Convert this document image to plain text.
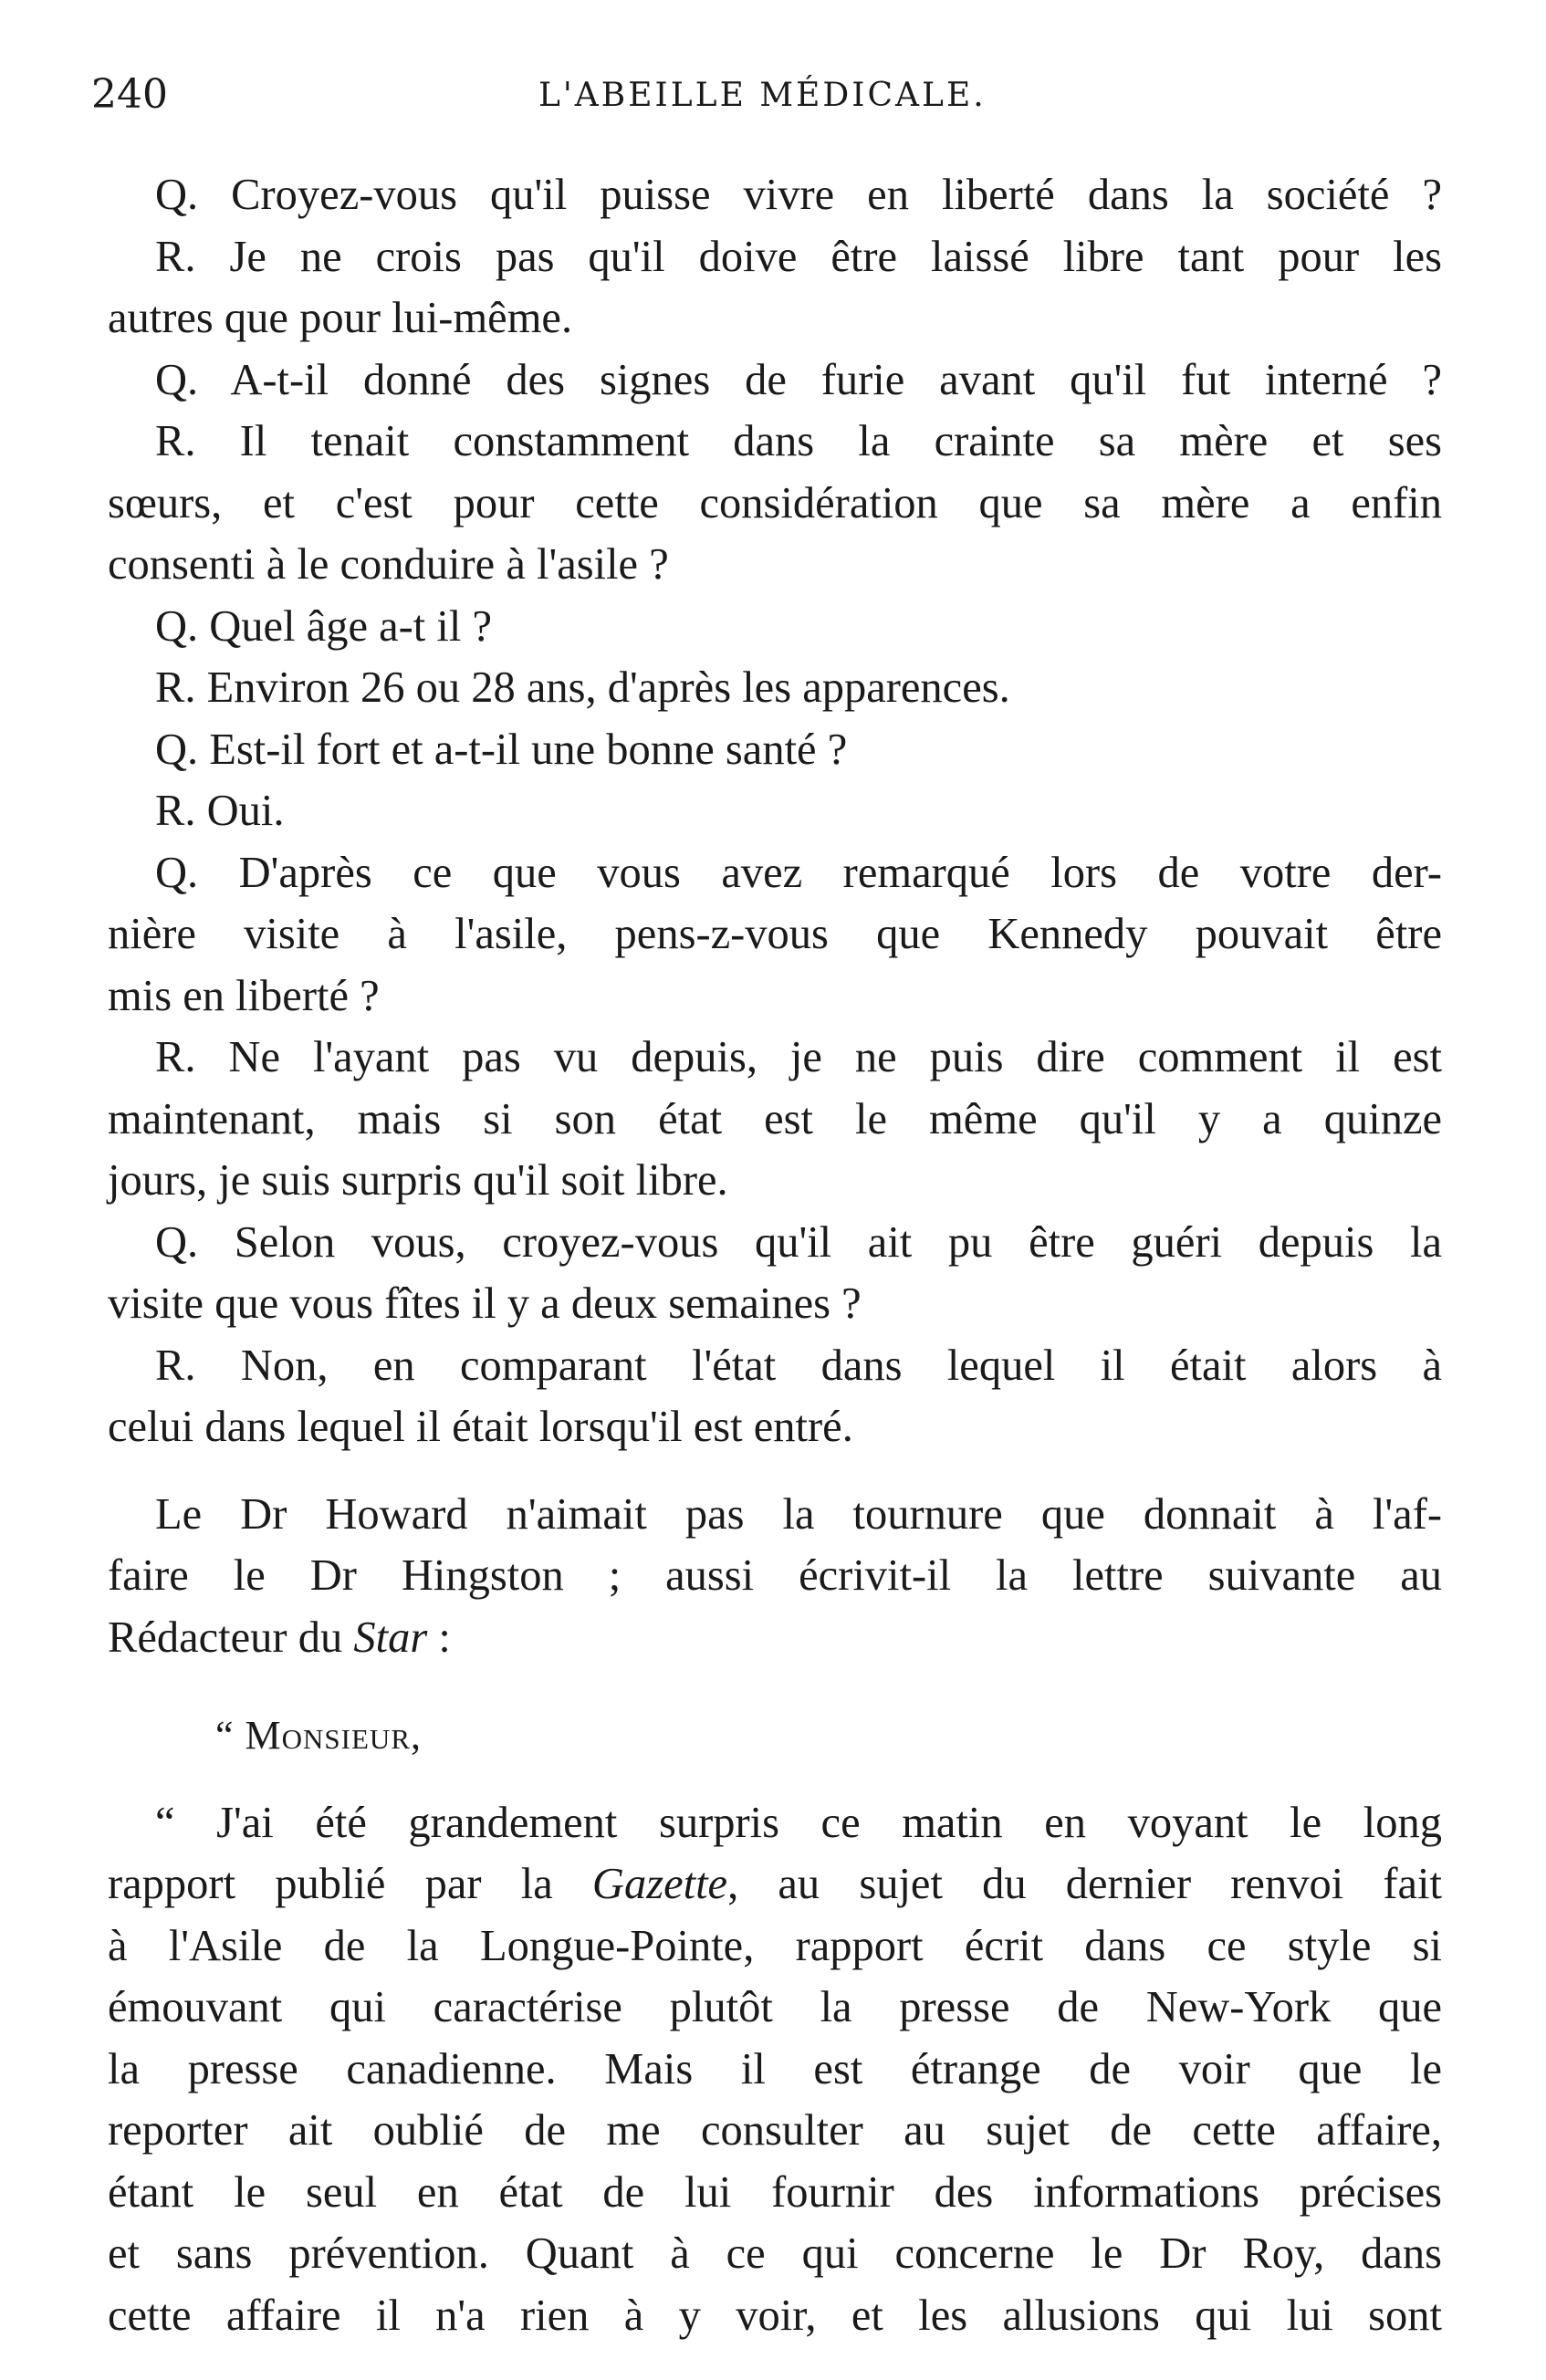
240	L'ABEILLE MÉDICALE.
Q. Croyez-vous qu'il puisse vivre en liberté dans la société ?
R. Je ne crois pas qu'il doive être laissé libre tant pour les
autres que pour lui-même.
Q. A-t-il donné des signes de furie avant qu'il fut interné ?
R. Il tenait constamment dans la crainte sa mère et ses
sœurs, et c'est pour cette considération que sa mère a enfin
consenti à le conduire à l'asile ?
Q. Quel âge a-t il ?
R. Environ 26 ou 28 ans, d'après les apparences.
Q. Est-il fort et a-t-il une bonne santé ?
R. Oui.
Q. D'après ce que vous avez remarqué lors de votre der-
nière visite à l'asile, pens-z-vous que Kennedy pouvait être
mis en liberté ?
R. Ne l'ayant pas vu depuis, je ne puis dire comment il est
maintenant, mais si son état est le même qu'il y a quinze
jours, je suis surpris qu'il soit libre.
Q. Selon vous, croyez-vous qu'il ait pu être guéri depuis la
visite que vous fîtes il y a deux semaines ?
R. Non, en comparant l'état dans lequel il était alors à
celui dans lequel il était lorsqu'il est entré.
Le Dr Howard n'aimait pas la tournure que donnait à l'af-
faire le Dr Hingston ; aussi écrivit-il la lettre suivante au
Rédacteur du Star :
“ Monsieur,
“ J'ai été grandement surpris ce matin en voyant le long
rapport publié par la Gazette, au sujet du dernier renvoi fait
à l'Asile de la Longue-Pointe, rapport écrit dans ce style si
émouvant qui caractérise plutôt la presse de New-York que
la presse canadienne. Mais il est étrange de voir que le
reporter ait oublié de me consulter au sujet de cette affaire,
étant le seul en état de lui fournir des informations précises
et sans prévention. Quant à ce qui concerne le Dr Roy, dans
cette affaire il n'a rien à y voir, et les allusions qui lui sont
